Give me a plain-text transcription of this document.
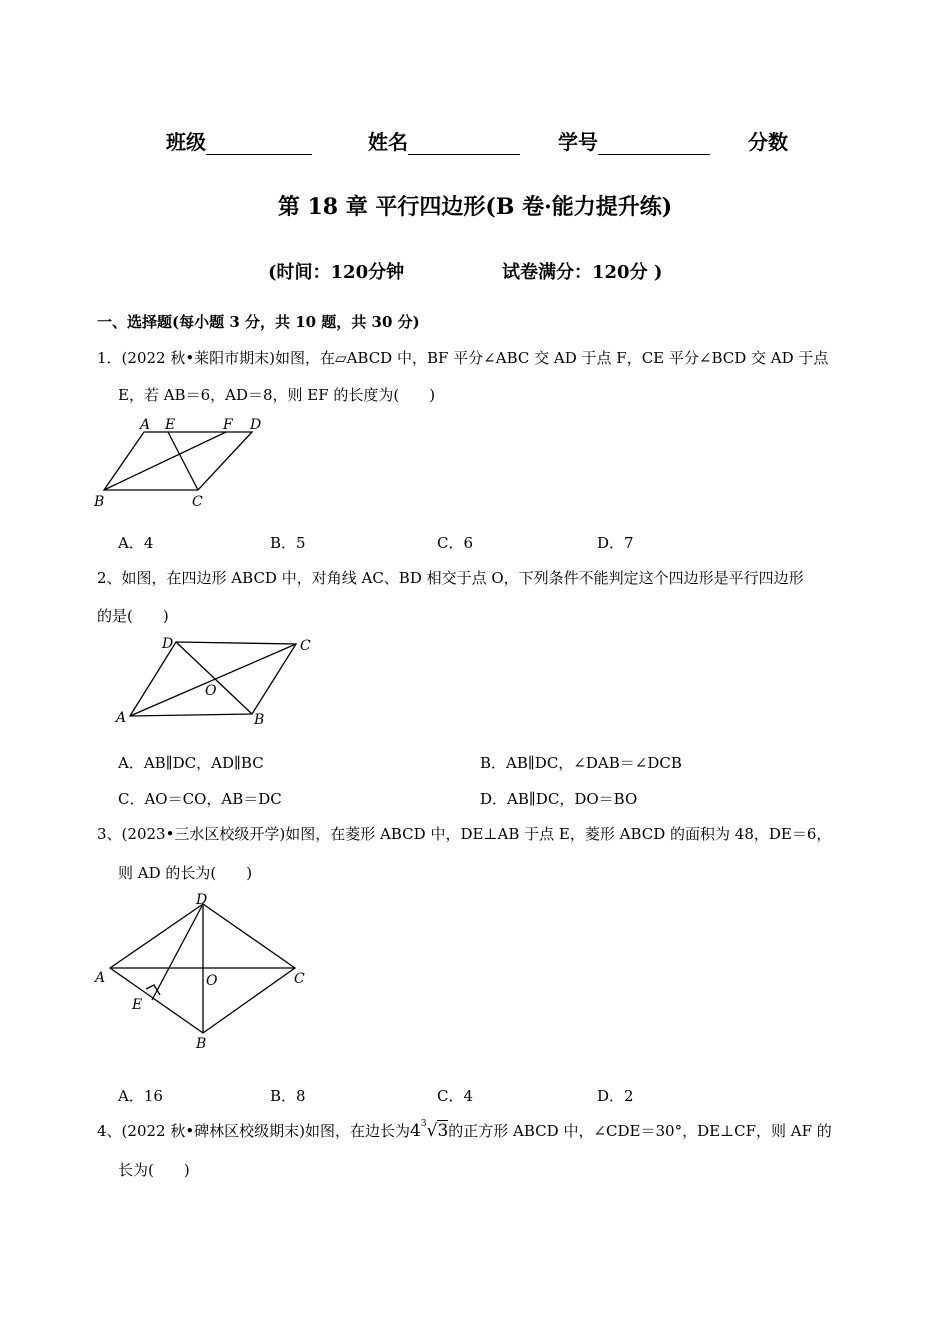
班级	姓名	学号	分数
第 18 章 平行四边形(B 卷·能力提升练)
(时间：120分钟	试卷满分：120分 )
一、选择题(每小题 3 分，共 10 题，共 30 分)
1．(2022 秋•莱阳市期末)如图，在▱ABCD 中，BF 平分∠ABC 交 AD 于点 F，CE 平分∠BCD 交 AD 于点
E，若 AB＝6，AD＝8，则 EF 的长度为(　　)
A E	F D
B	C
A．4	B．5	C．6	D．7
2、如图，在四边形 ABCD 中，对角线 AC、BD 相交于点 O，下列条件不能判定这个四边形是平行四边形
的是(　　)
D	C
O
A	B
A．AB∥DC，AD∥BC	B．AB∥DC，∠DAB＝∠DCB
C．AO＝CO，AB＝DC	D．AB∥DC，DO＝BO
3、(2023•三水区校级开学)如图，在菱形 ABCD 中，DE⊥AB 于点 E，菱形 ABCD 的面积为 48，DE＝6，
则 AD 的长为(　　)
D
A	O	C
E
B
A．16	B．8	C．4	D．2
4、(2022 秋•碑林区校级期末)如图，在边长为$4^3√3$的正方形 ABCD 中，∠CDE＝30°，DE⊥CF，则 AF 的
长为(　　)
